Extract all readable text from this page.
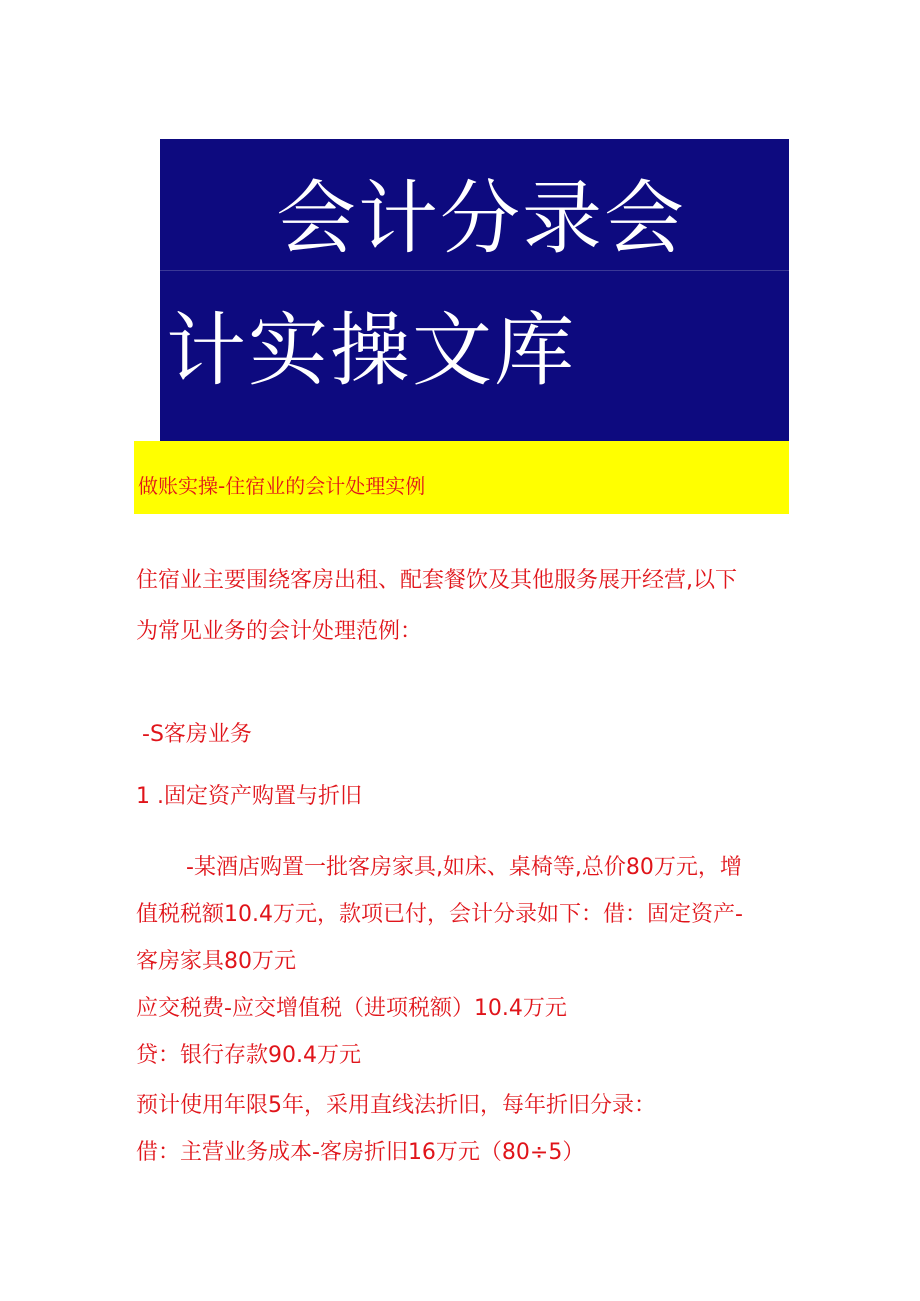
会计分录会
计实操文库
做账实操-住宿业的会计处理实例
住宿业主要围绕客房出租、配套餐饮及其他服务展开经营,以下
为常见业务的会计处理范例：
-S客房业务
1 .固定资产购置与折旧
-某酒店购置一批客房家具,如床、桌椅等,总价80万元，增
值税税额10.4万元，款项已付，会计分录如下：借：固定资产-
客房家具80万元
应交税费-应交增值税（进项税额）10.4万元
贷：银行存款90.4万元
预计使用年限5年，采用直线法折旧，每年折旧分录：
借：主营业务成本-客房折旧16万元（80÷5）
